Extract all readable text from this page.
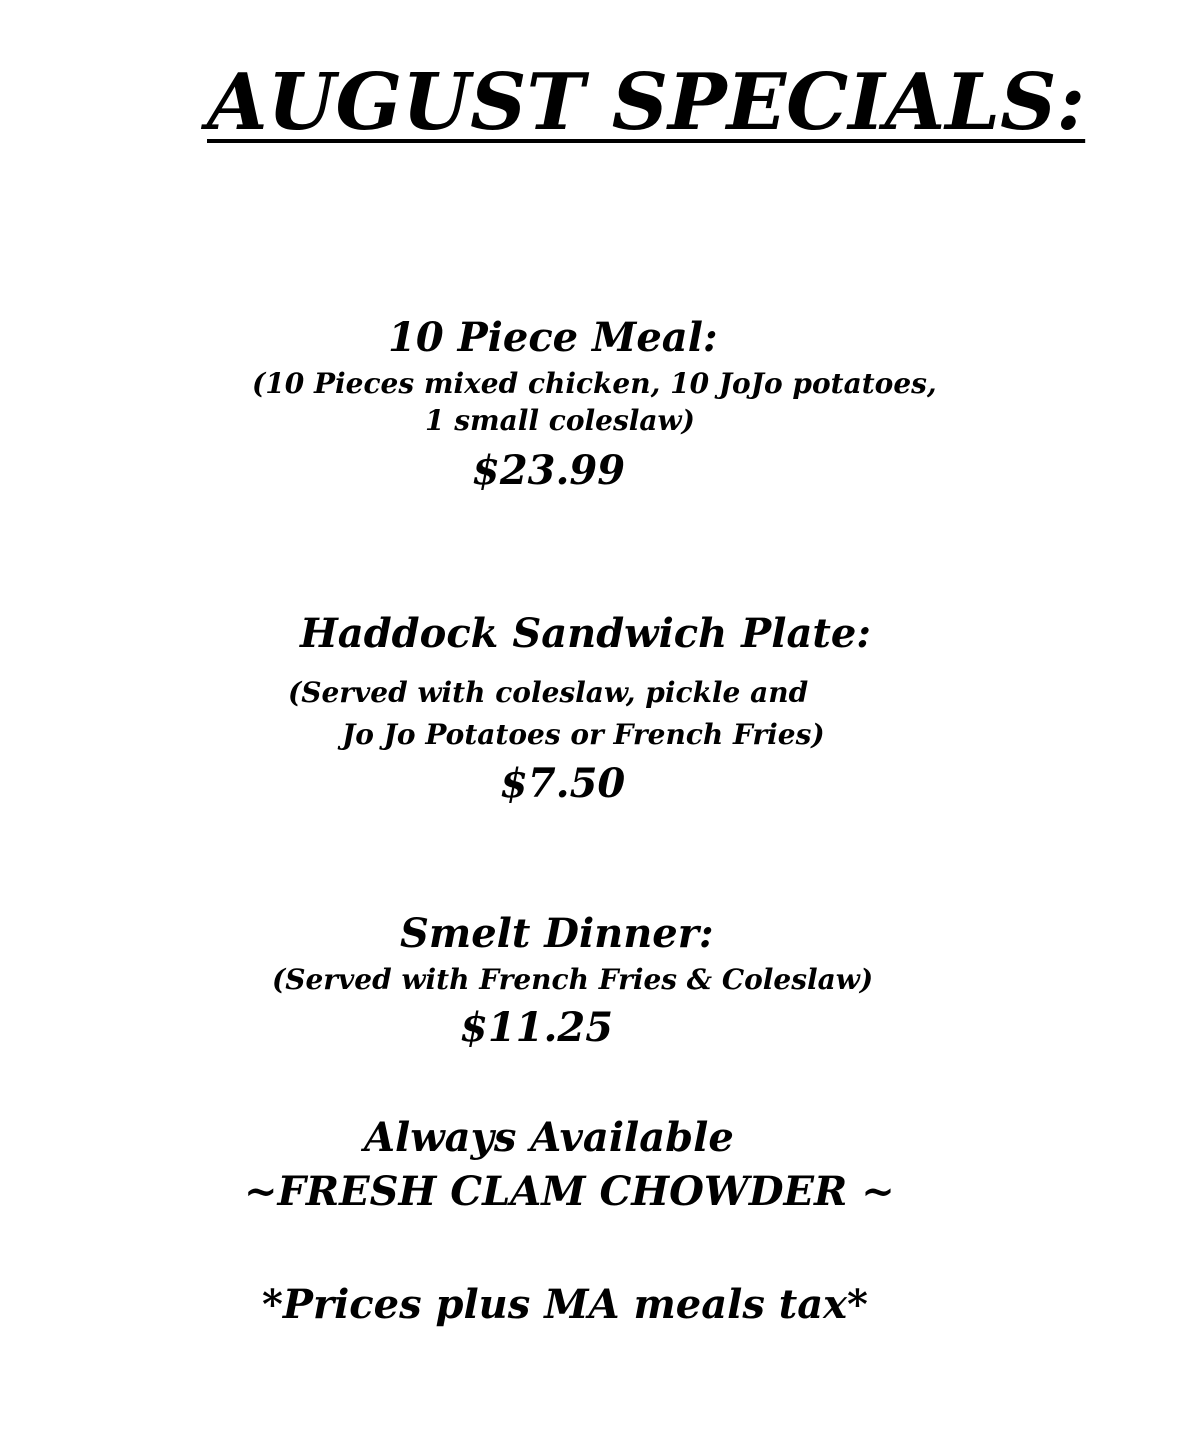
AUGUST SPECIALS:

10 Piece Meal:

(10 Pieces mixed chicken, 10 JoJo potatoes,

1 small coleslaw)

$23.99

Haddock Sandwich Plate:

(Served with coleslaw, pickle and

Jo Jo Potatoes or French Fries)

$7.50

Smelt Dinner:

(Served with French Fries & Coleslaw)

$11.25

Always Available

~FRESH CLAM CHOWDER ~

*Prices plus MA meals tax*
